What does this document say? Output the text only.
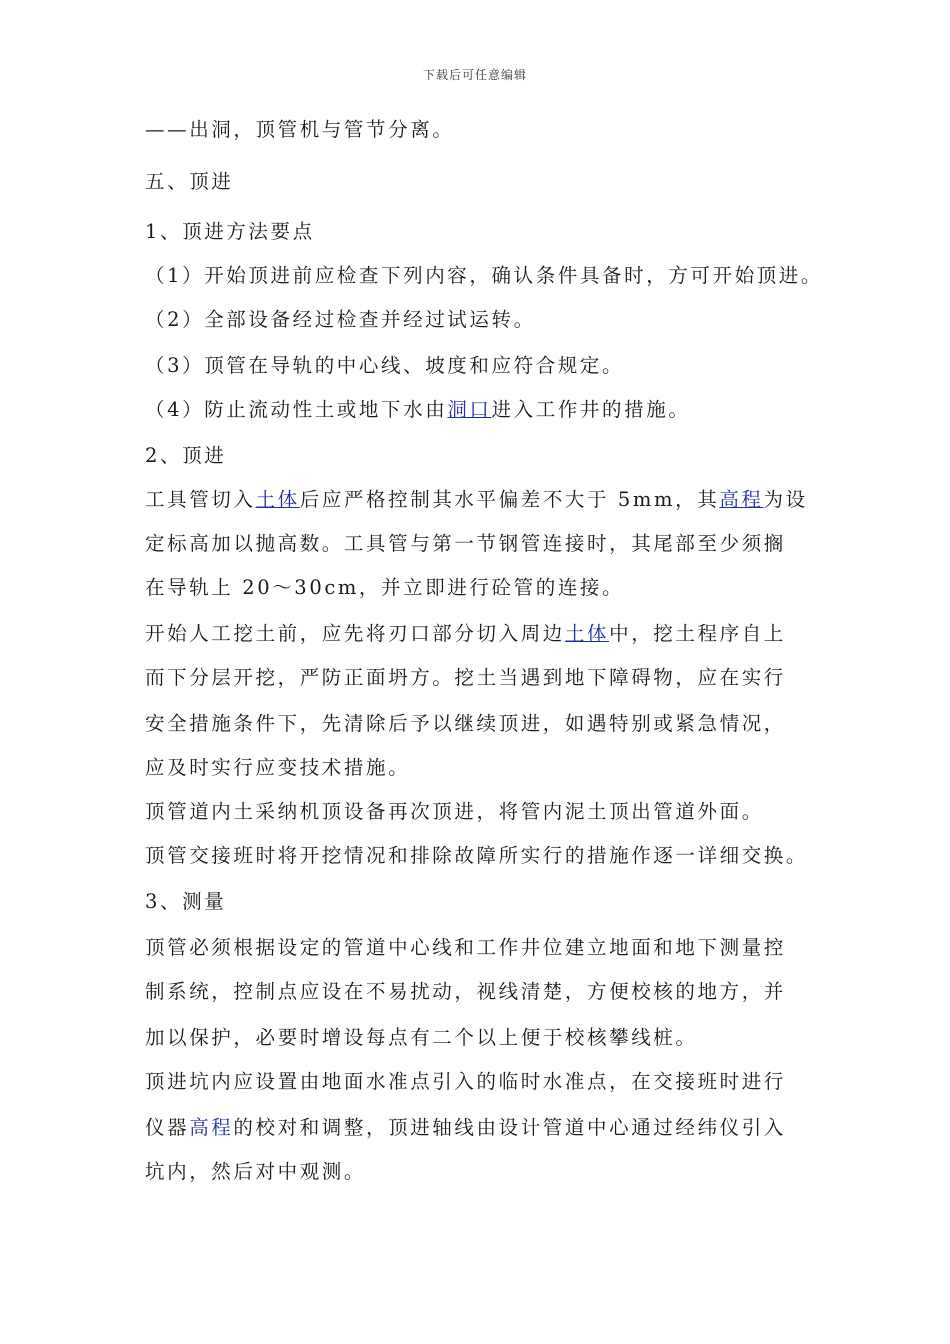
下载后可任意编辑
——出洞，顶管机与管节分离。
五、顶进
1、顶进方法要点
（1）开始顶进前应检查下列内容，确认条件具备时，方可开始顶进。
（2）全部设备经过检查并经过试运转。
（3）顶管在导轨的中心线、坡度和应符合规定。
（4）防止流动性土或地下水由洞口进入工作井的措施。
2、顶进
工具管切入土体后应严格控制其水平偏差不大于 5mm，其高程为设
定标高加以抛高数。工具管与第一节钢管连接时，其尾部至少须搁
在导轨上 20～30cm，并立即进行砼管的连接。
开始人工挖土前，应先将刃口部分切入周边土体中，挖土程序自上
而下分层开挖，严防正面坍方。挖土当遇到地下障碍物，应在实行
安全措施条件下，先清除后予以继续顶进，如遇特别或紧急情况，
应及时实行应变技术措施。
顶管道内土采纳机顶设备再次顶进，将管内泥土顶出管道外面。
顶管交接班时将开挖情况和排除故障所实行的措施作逐一详细交换。
3、测量
顶管必须根据设定的管道中心线和工作井位建立地面和地下测量控
制系统，控制点应设在不易扰动，视线清楚，方便校核的地方，并
加以保护，必要时增设每点有二个以上便于校核攀线桩。
顶进坑内应设置由地面水准点引入的临时水准点，在交接班时进行
仪器高程的校对和调整，顶进轴线由设计管道中心通过经纬仪引入
坑内，然后对中观测。
